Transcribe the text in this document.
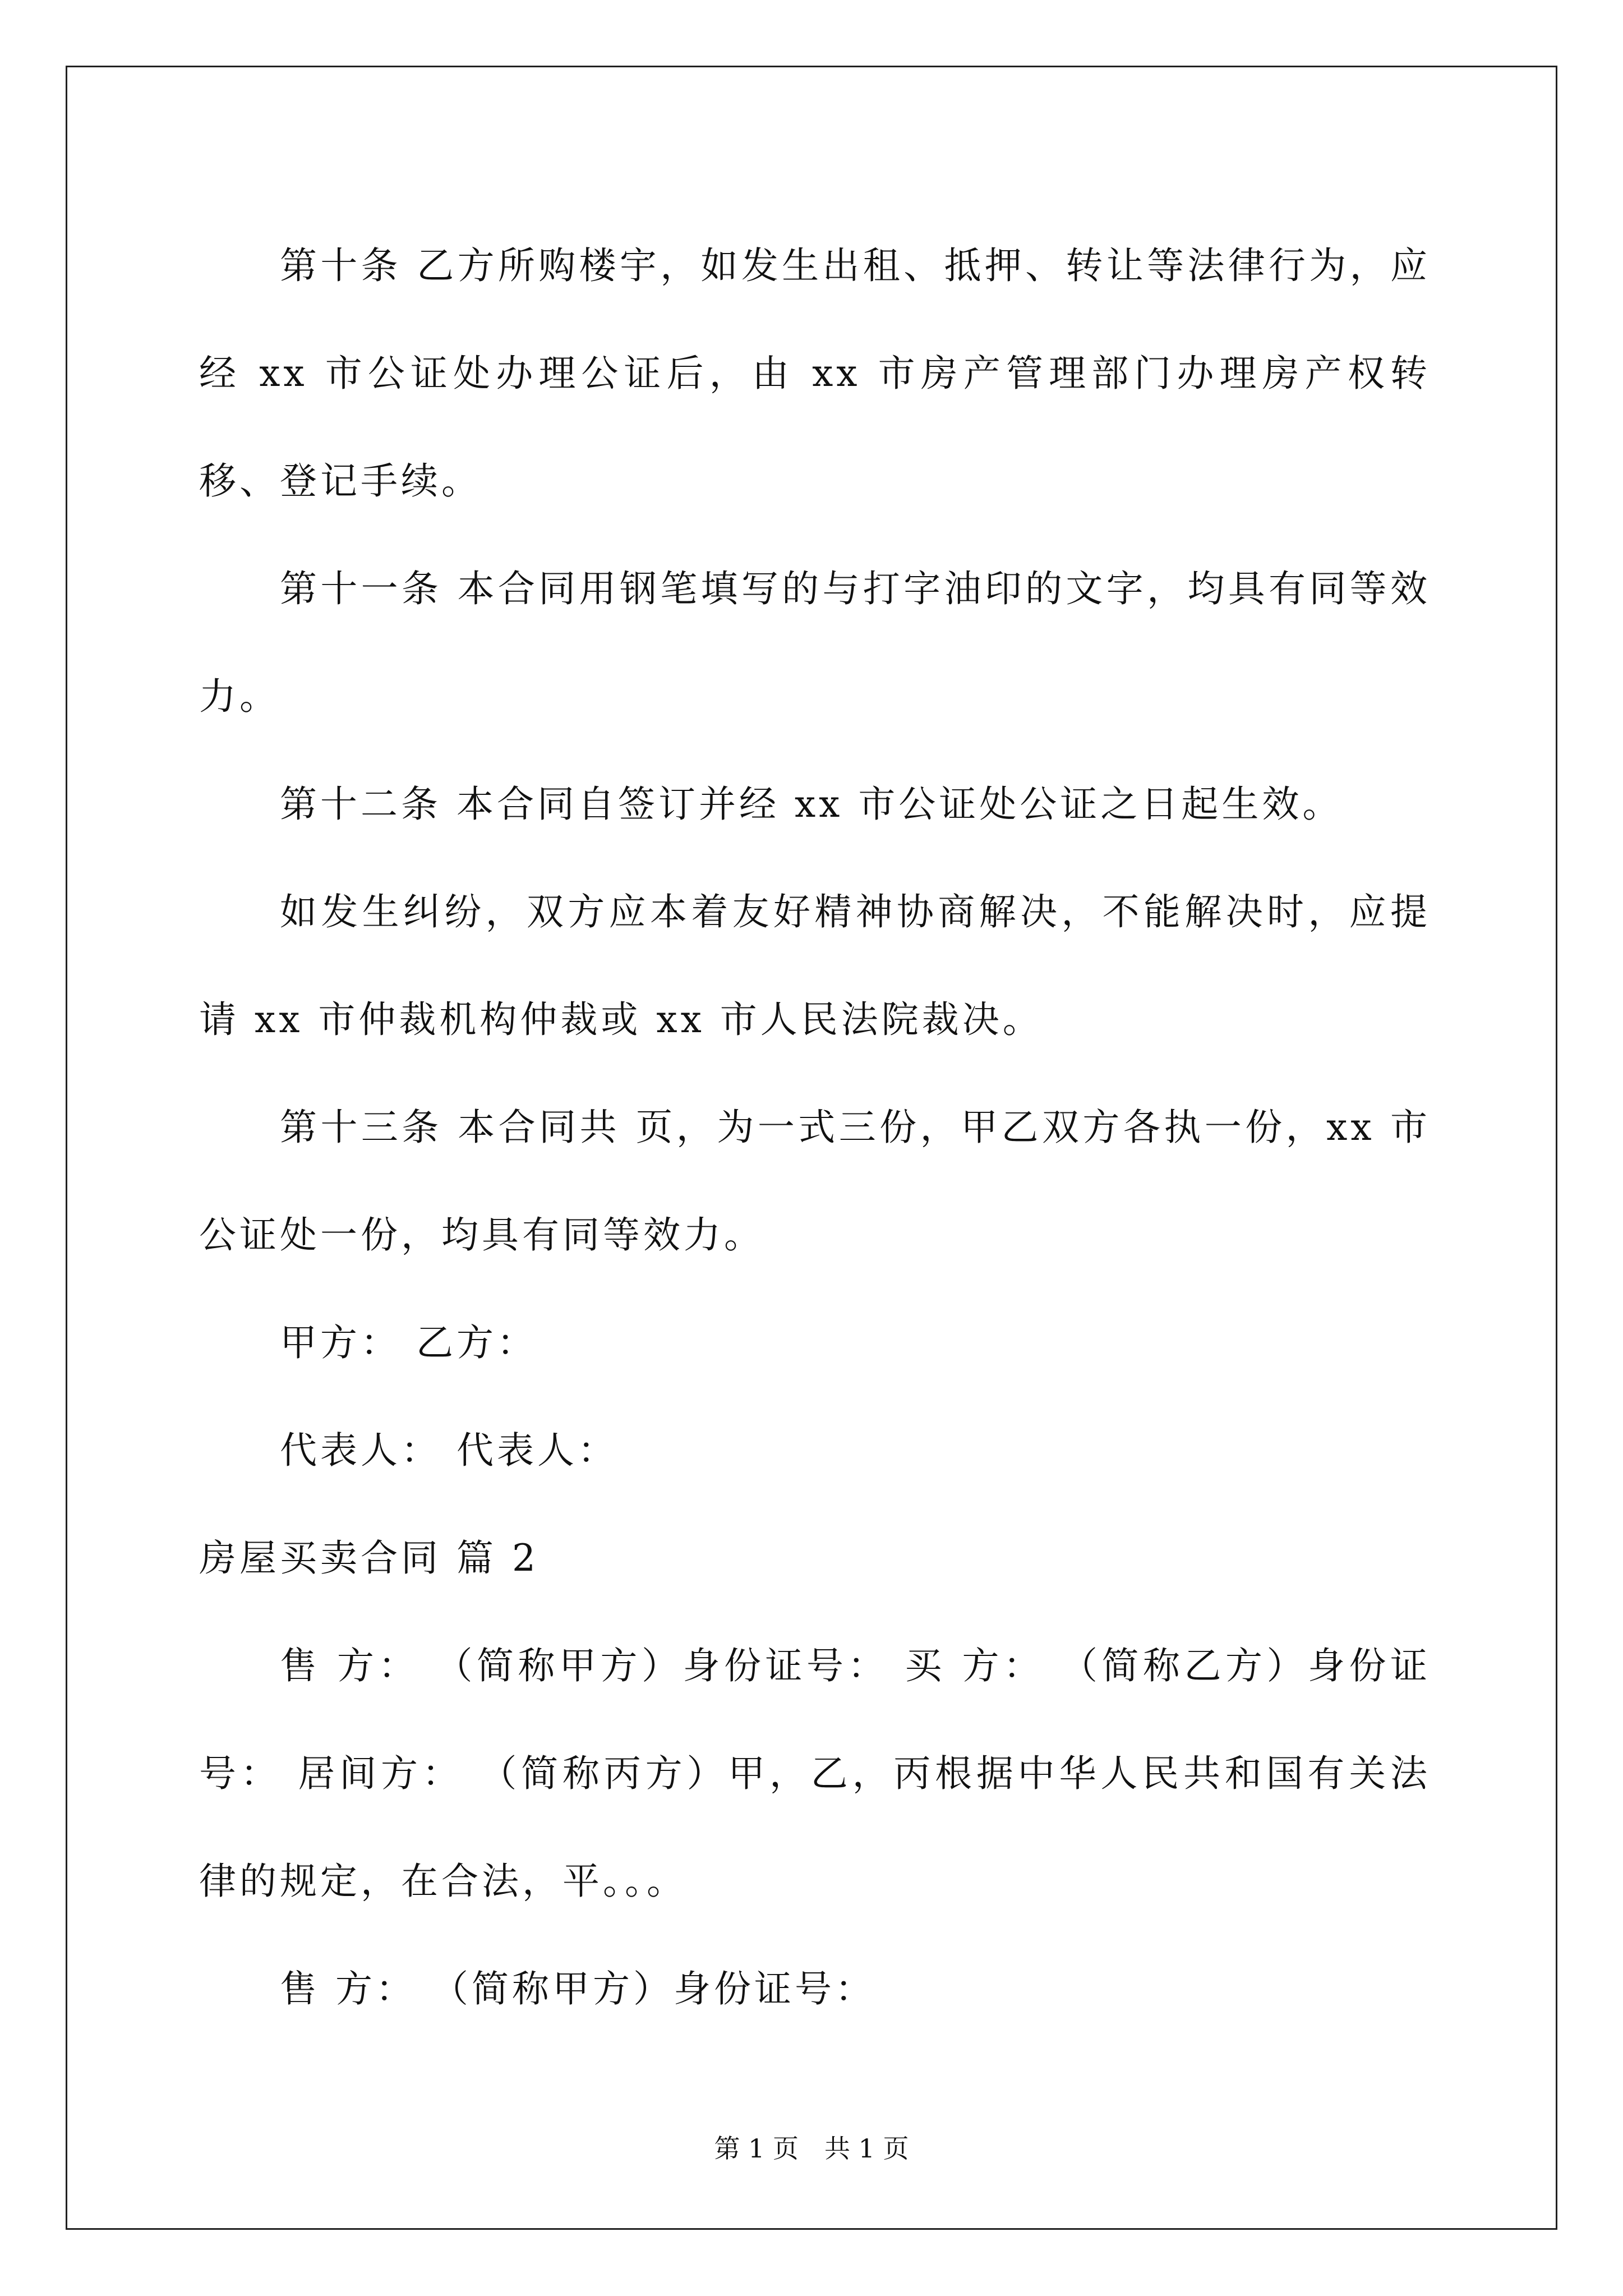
第十条 乙方所购楼宇，如发生出租、抵押、转让等法律行为，应经 xx 市公证处办理公证后，由 xx 市房产管理部门办理房产权转移、登记手续。

第十一条 本合同用钢笔填写的与打字油印的文字，均具有同等效力。

第十二条 本合同自签订并经 xx 市公证处公证之日起生效。

如发生纠纷，双方应本着友好精神协商解决，不能解决时，应提请 xx 市仲裁机构仲裁或 xx 市人民法院裁决。

第十三条 本合同共 页，为一式三份，甲乙双方各执一份，xx 市公证处一份，均具有同等效力。

甲方： 乙方：

代表人： 代表人：

房屋买卖合同 篇 2

售 方： （简称甲方）身份证号： 买 方： （简称乙方）身份证号： 居间方： （简称丙方）甲，乙，丙根据中华人民共和国有关法律的规定，在合法，平。。。

售 方： （简称甲方）身份证号：

第 1 页　共 1 页
